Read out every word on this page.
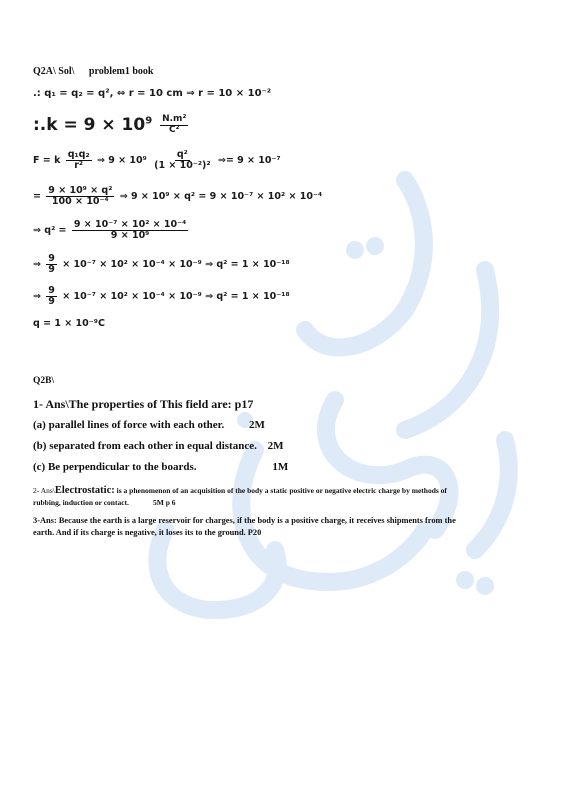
Q2A\ Sol\ problem1 book
.: q₁ = q₂ = q², ⇔ r = 10 cm ⇒ r = 10 × 10⁻²
:.k = $9 \times 10^9 \frac{\text{N.m²}}{\text{C²}}$
F = k $\frac{\text{q₁q₂}}{\text{r²}}$ ⇒ $9 \times 10^9 \frac{\text{q²}}{\text{(1 × 10⁻²)²}}$ ⇒= 9 × 10⁻⁷
= $\frac{\text{9 × 10⁹ × q²}}{\text{100 × 10⁻⁴}}$ ⇒ 9 × 10⁹ × q² = 9 × 10⁻⁷ × 10² × 10⁻⁴
⇒ $q^2 = \frac{\text{9 × 10⁻⁷ × 10² × 10⁻⁴}}{\text{9 × 10⁹}}$
⇒ $\frac{9}{9} \times 10^{-7} \times 10^2 \times 10^{-4} \times 10^{-9}$ ⇒ q² = 1 × 10⁻¹⁸
⇒ $\frac{9}{9} \times 10^{-7} \times 10^2 \times 10^{-4} \times 10^{-9}$ ⇒ q² = 1 × 10⁻¹⁸
q = 1 × 10⁻⁹C
Q2B\
1- Ans\The properties of This field are: p17
(a) parallel lines of force with each other. 2M
(b) separated from each other in equal distance. 2M
(c) Be perpendicular to the boards.	1M
2- Ans\Electrostatic: is a phenomenon of an acquisition of the body a static positive or negative electric charge by methods of
rubbing, induction or contact.	5M p 6
3-Ans: Because the earth is a large reservoir for charges, if the body is a positive charge, it receives shipments from the
earth. And if its charge is negative, it loses its to the ground. P20
